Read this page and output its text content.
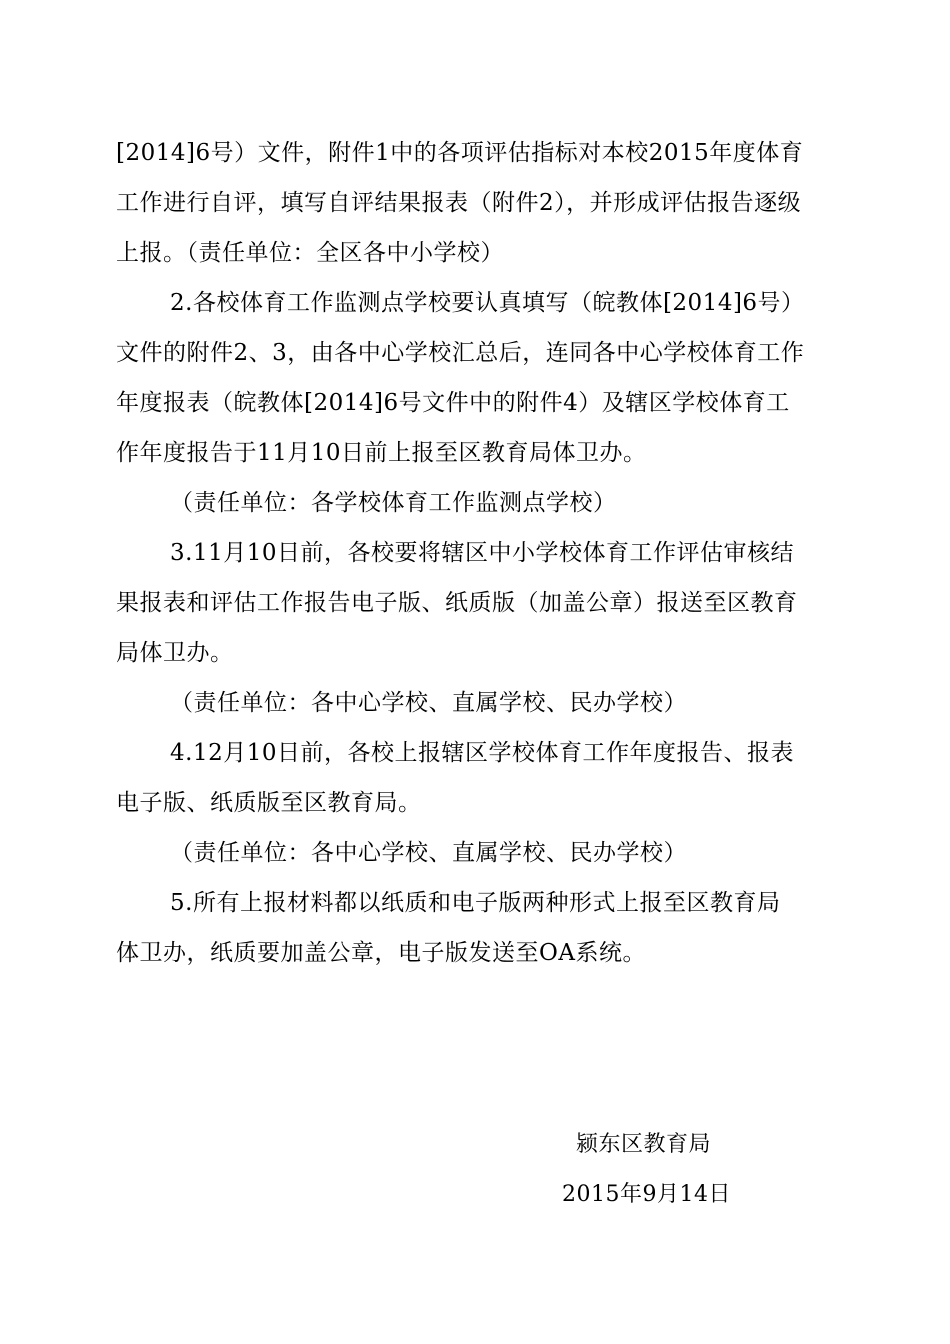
[2014]6号）文件，附件1中的各项评估指标对本校2015年度体育
工作进行自评，填写自评结果报表（附件2），并形成评估报告逐级
上报。（责任单位：全区各中小学校）
2.各校体育工作监测点学校要认真填写（皖教体[2014]6号）
文件的附件2、3，由各中心学校汇总后，连同各中心学校体育工作
年度报表（皖教体[2014]6号文件中的附件4）及辖区学校体育工
作年度报告于11月10日前上报至区教育局体卫办。
（责任单位：各学校体育工作监测点学校）
3.11月10日前，各校要将辖区中小学校体育工作评估审核结
果报表和评估工作报告电子版、纸质版（加盖公章）报送至区教育
局体卫办。
（责任单位：各中心学校、直属学校、民办学校）
4.12月10日前，各校上报辖区学校体育工作年度报告、报表
电子版、纸质版至区教育局。
（责任单位：各中心学校、直属学校、民办学校）
5.所有上报材料都以纸质和电子版两种形式上报至区教育局
体卫办，纸质要加盖公章，电子版发送至OA系统。
颍东区教育局
2015年9月14日
